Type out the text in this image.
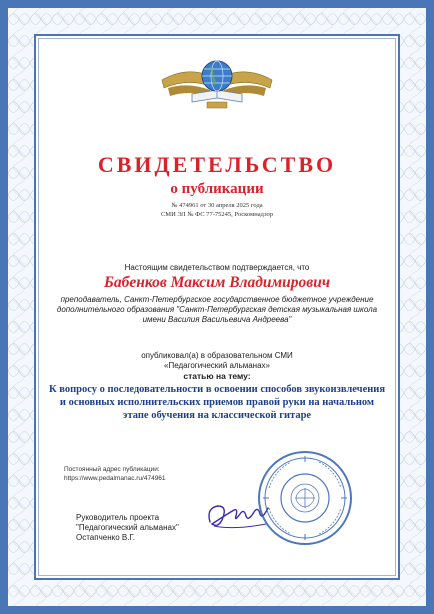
СВИДЕТЕЛЬСТВО
о публикации
№ 474961 от 30 апреля 2025 года
СМИ ЭЛ № ФС 77-75245, Роскомнадзор
Настоящим свидетельством подтверждается, что
Бабенков Максим Владимирович
преподаватель, Санкт-Петербургское государственное бюджетное учреждение дополнительного образования "Санкт-Петербургская детская музыкальная школа имени Василия Васильевича Андреева"
опубликовал(а) в образовательном СМИ
«Педагогический альманах»
статью на тему:
К вопросу о последовательности в освоении способов звукоизвлечения и основных исполнительских приемов правой руки на начальном этапе обучения на классической гитаре
Постоянный адрес публикации:
https://www.pedalmanac.ru/474961
Руководитель проекта
"Педагогический альманах"
Остапченко В.Г.
